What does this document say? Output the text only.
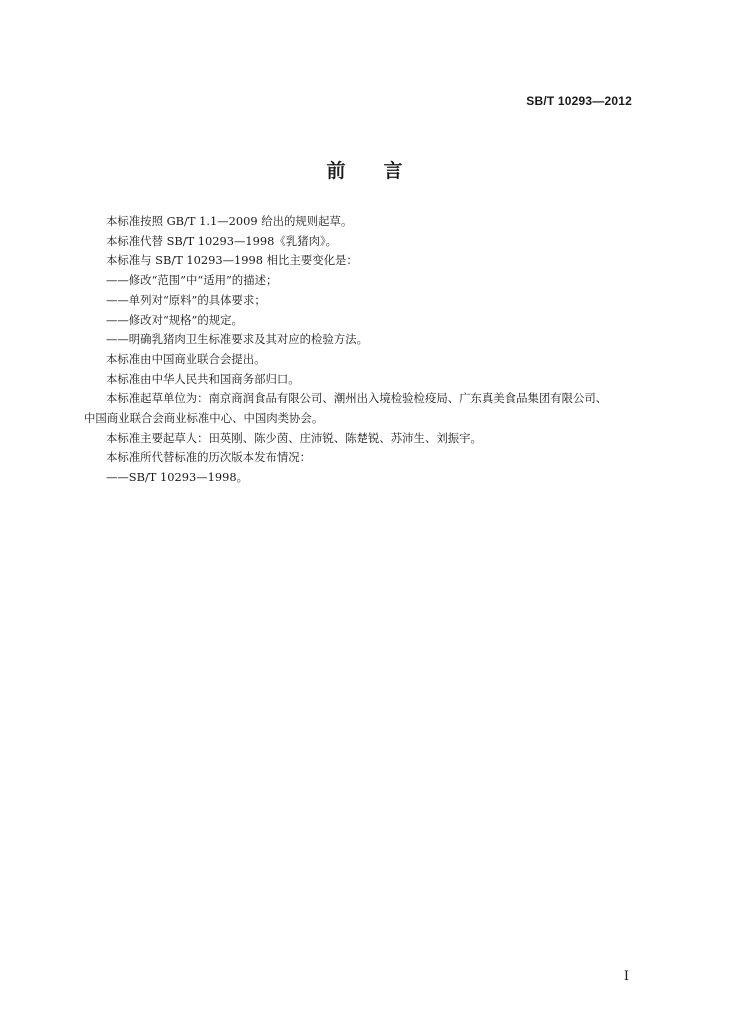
SB/T 10293—2012
前　　言
本标准按照 GB/T 1.1—2009 给出的规则起草。
本标准代替 SB/T 10293—1998《乳猪肉》。
本标准与 SB/T 10293—1998 相比主要变化是：
——修改“范围”中“适用”的描述；
——单列对“原料”的具体要求；
——修改对“规格”的规定。
——明确乳猪肉卫生标准要求及其对应的检验方法。
本标准由中国商业联合会提出。
本标准由中华人民共和国商务部归口。
本标准起草单位为：南京商润食品有限公司、潮州出入境检验检疫局、广东真美食品集团有限公司、
中国商业联合会商业标准中心、中国肉类协会。
本标准主要起草人：田英刚、陈少茵、庄沛锐、陈楚锐、苏沛生、刘振宇。
本标准所代替标准的历次版本发布情况：
——SB/T 10293—1998。
I
